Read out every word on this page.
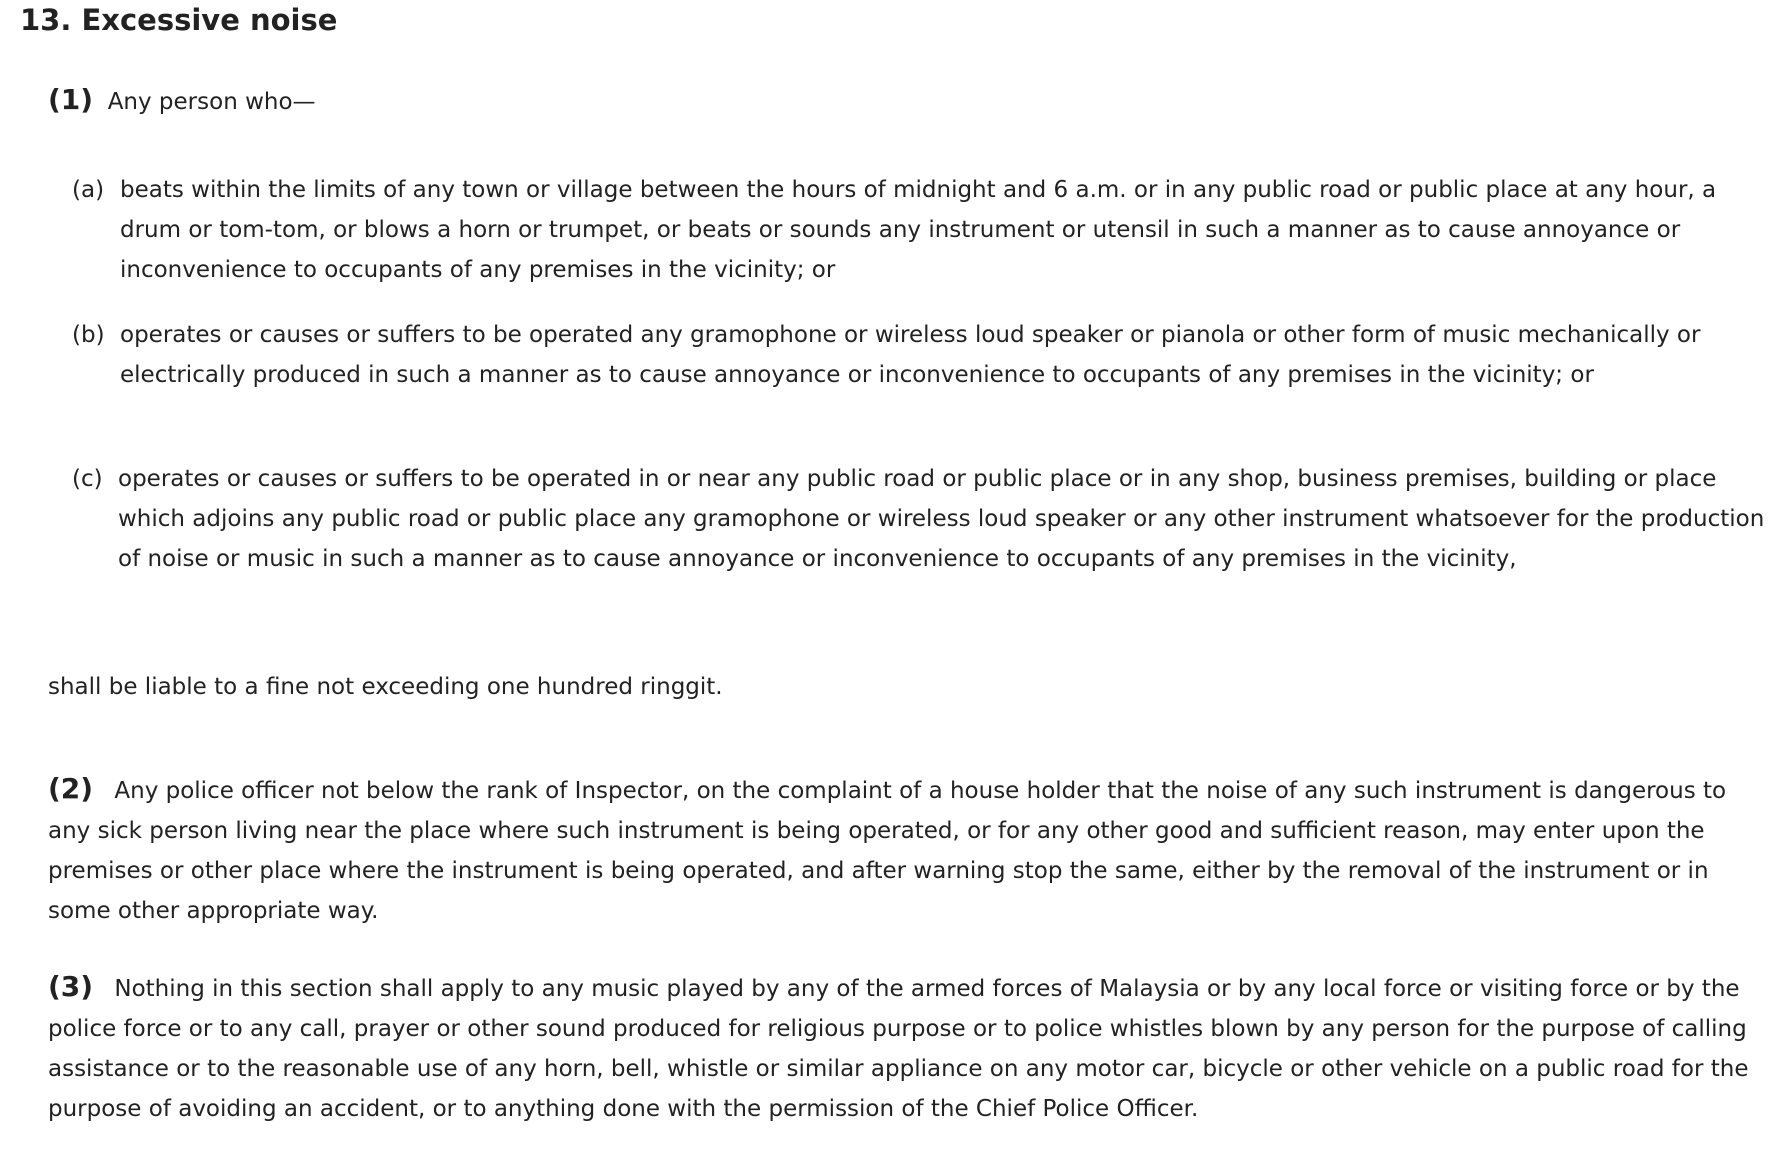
13. Excessive noise
(1) Any person who—
(a) beats within the limits of any town or village between the hours of midnight and 6 a.m. or in any public road or public place at any hour, a drum or tom-tom, or blows a horn or trumpet, or beats or sounds any instrument or utensil in such a manner as to cause annoyance or inconvenience to occupants of any premises in the vicinity; or
(b) operates or causes or suffers to be operated any gramophone or wireless loud speaker or pianola or other form of music mechanically or electrically produced in such a manner as to cause annoyance or inconvenience to occupants of any premises in the vicinity; or
(c) operates or causes or suffers to be operated in or near any public road or public place or in any shop, business premises, building or place which adjoins any public road or public place any gramophone or wireless loud speaker or any other instrument whatsoever for the production of noise or music in such a manner as to cause annoyance or inconvenience to occupants of any premises in the vicinity,
shall be liable to a fine not exceeding one hundred ringgit.
(2) Any police officer not below the rank of Inspector, on the complaint of a house holder that the noise of any such instrument is dangerous to any sick person living near the place where such instrument is being operated, or for any other good and sufficient reason, may enter upon the premises or other place where the instrument is being operated, and after warning stop the same, either by the removal of the instrument or in some other appropriate way.
(3) Nothing in this section shall apply to any music played by any of the armed forces of Malaysia or by any local force or visiting force or by the police force or to any call, prayer or other sound produced for religious purpose or to police whistles blown by any person for the purpose of calling assistance or to the reasonable use of any horn, bell, whistle or similar appliance on any motor car, bicycle or other vehicle on a public road for the purpose of avoiding an accident, or to anything done with the permission of the Chief Police Officer.
